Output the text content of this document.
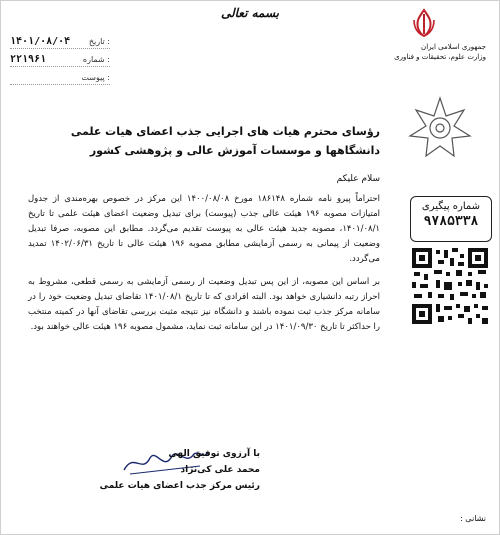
بسمه تعالی
۱۴۰۱/۰۸/۰۴ تاریخ :
۲۲۱۹۶۱	شماره :
پیوست :
جمهوری اسلامی ایران
وزارت علوم، تحقیقات و فناوری
شماره پیگیری
۹۷۸۵۳۳۸

رؤسای محترم هیات های اجرایی جذب اعضای هیات علمی دانشگاهها و موسسات آموزش عالی و پژوهشی کشور

سلام علیکم

احتراماً پیرو نامه شماره ۱۸۶۱۴۸ مورخ ۱۴۰۰/۰۸/۰۸ این مرکز در خصوص بهره‌مندی از جدول امتیازات مصوبه ۱۹۶ هیئت عالی جذب (پیوست) برای تبدیل وضعیت اعضای هیئت علمی تا تاریخ ۱۴۰۱/۰۸/۱، مصوبه جدید هیئت عالی به پیوست تقدیم می‌گردد. مطابق این مصوبه، صرفا تبدیل وضعیت از پیمانی به رسمی آزمایشی مطابق مصوبه ۱۹۶ هیئت عالی تا تاریخ ۱۴۰۲/۰۶/۳۱ تمدید می‌گردد.

بر اساس این مصوبه، از این پس تبدیل وضعیت از رسمی آزمایشی به رسمی قطعی، مشروط به احراز رتبه دانشیاری خواهد بود. البته افرادی که تا تاریخ ۱۴۰۱/۰۸/۱ تقاضای تبدیل وضعیت خود را در سامانه مرکز جذب ثبت نموده باشند و دانشگاه نیز نتیجه مثبت بررسی تقاضای آنها در کمیته منتخب را حداکثر تا تاریخ ۱۴۰۱/۰۹/۳۰ در این سامانه ثبت نماید، مشمول مصوبه ۱۹۶ هیئت عالی خواهند بود.

با آرزوی توفیق الهی
محمد علی کی‌نژاد
رئیس مرکز جذب اعضای هیات علمی
نشانی :
